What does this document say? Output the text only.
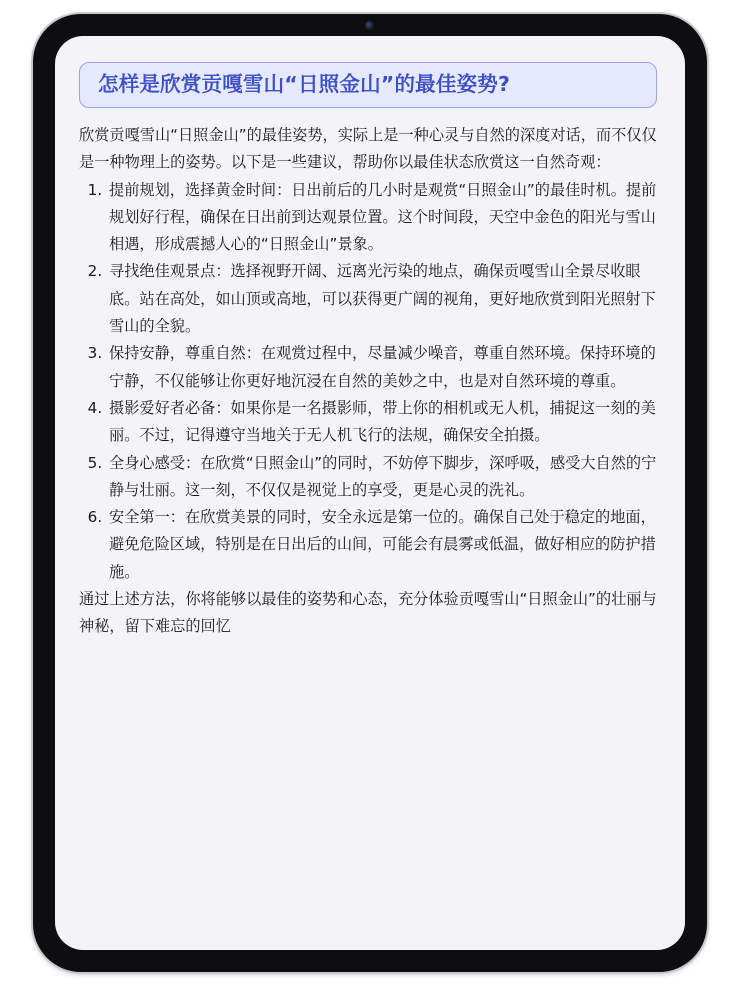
怎样是欣赏贡嘎雪山“日照金山”的最佳姿势?

欣赏贡嘎雪山“日照金山”的最佳姿势，实际上是一种心灵与自然的深度对话，而不仅仅是一种物理上的姿势。以下是一些建议，帮助你以最佳状态欣赏这一自然奇观：

1. 提前规划，选择黄金时间：日出前后的几小时是观赏“日照金山”的最佳时机。提前规划好行程，确保在日出前到达观景位置。这个时间段，天空中金色的阳光与雪山相遇，形成震撼人心的“日照金山”景象。
2. 寻找绝佳观景点：选择视野开阔、远离光污染的地点，确保贡嘎雪山全景尽收眼底。站在高处，如山顶或高地，可以获得更广阔的视角，更好地欣赏到阳光照射下雪山的全貌。
3. 保持安静，尊重自然：在观赏过程中，尽量减少噪音，尊重自然环境。保持环境的宁静，不仅能够让你更好地沉浸在自然的美妙之中，也是对自然环境的尊重。
4. 摄影爱好者必备：如果你是一名摄影师，带上你的相机或无人机，捕捉这一刻的美丽。不过，记得遵守当地关于无人机飞行的法规，确保安全拍摄。
5. 全身心感受：在欣赏“日照金山”的同时，不妨停下脚步，深呼吸，感受大自然的宁静与壮丽。这一刻，不仅仅是视觉上的享受，更是心灵的洗礼。
6. 安全第一：在欣赏美景的同时，安全永远是第一位的。确保自己处于稳定的地面，避免危险区域，特别是在日出后的山间，可能会有晨雾或低温，做好相应的防护措施。

通过上述方法，你将能够以最佳的姿势和心态，充分体验贡嘎雪山“日照金山”的壮丽与神秘，留下难忘的回忆
